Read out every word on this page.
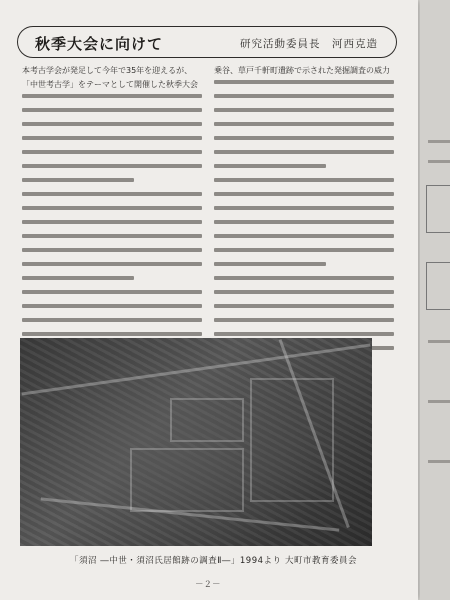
秋季大会に向けて	研究活動委員長　河西克造
本考古学会が発足して今年で35年を迎えるが、
「中世考古学」をテーマとして開催した秋季大会
乗谷、草戸千軒町遺跡で示された発掘調査の威力
「須沼 ―中世・須沼氏居館跡の調査Ⅱ―」1994より 大町市教育委員会
－２－
